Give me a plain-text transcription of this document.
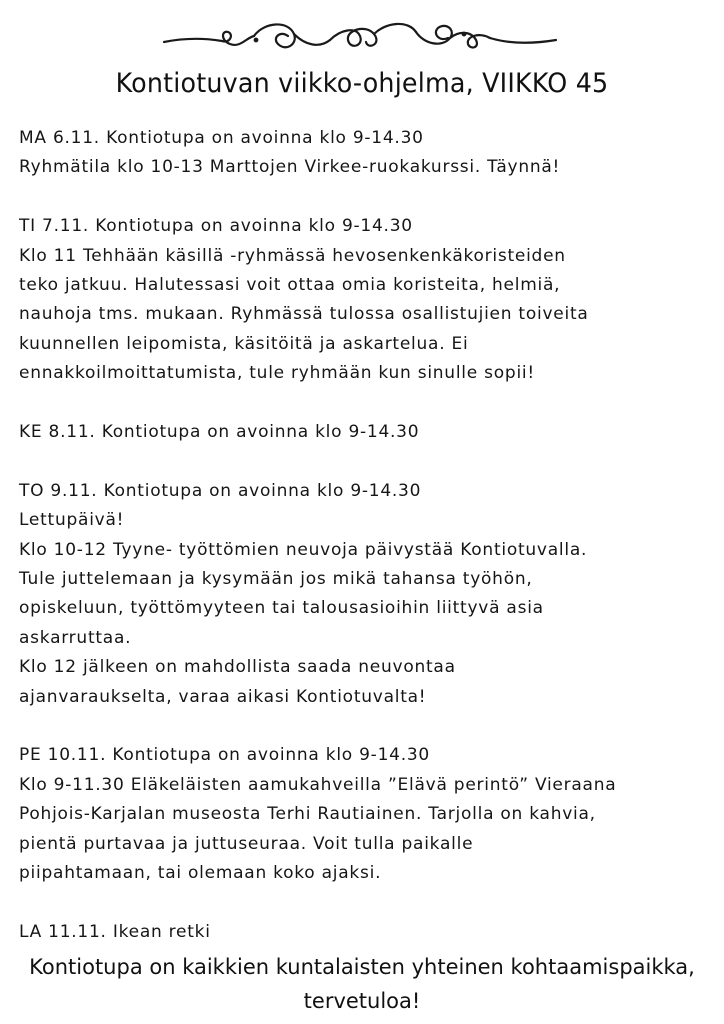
Kontiotuvan viikko-ohjelma, VIIKKO 45
MA 6.11. Kontiotupa on avoinna klo 9-14.30
Ryhmätila klo 10-13 Marttojen Virkee-ruokakurssi. Täynnä!
TI 7.11. Kontiotupa on avoinna klo 9-14.30
Klo 11 Tehhään käsillä -ryhmässä hevosenkenkäkoristeiden
teko jatkuu. Halutessasi voit ottaa omia koristeita, helmiä,
nauhoja tms. mukaan. Ryhmässä tulossa osallistujien toiveita
kuunnellen leipomista, käsitöitä ja askartelua. Ei
ennakkoilmoittatumista, tule ryhmään kun sinulle sopii!
KE 8.11. Kontiotupa on avoinna klo 9-14.30
TO 9.11. Kontiotupa on avoinna klo 9-14.30
Lettupäivä!
Klo 10-12 Tyyne- työttömien neuvoja päivystää Kontiotuvalla.
Tule juttelemaan ja kysymään jos mikä tahansa työhön,
opiskeluun, työttömyyteen tai talousasioihin liittyvä asia
askarruttaa.
Klo 12 jälkeen on mahdollista saada neuvontaa
ajanvaraukselta, varaa aikasi Kontiotuvalta!
PE 10.11. Kontiotupa on avoinna klo 9-14.30
Klo 9-11.30 Eläkeläisten aamukahveilla ”Elävä perintö” Vieraana
Pohjois-Karjalan museosta Terhi Rautiainen. Tarjolla on kahvia,
pientä purtavaa ja juttuseuraa. Voit tulla paikalle
piipahtamaan, tai olemaan koko ajaksi.
LA 11.11. Ikean retki
Kontiotupa on kaikkien kuntalaisten yhteinen kohtaamispaikka,
tervetuloa!
